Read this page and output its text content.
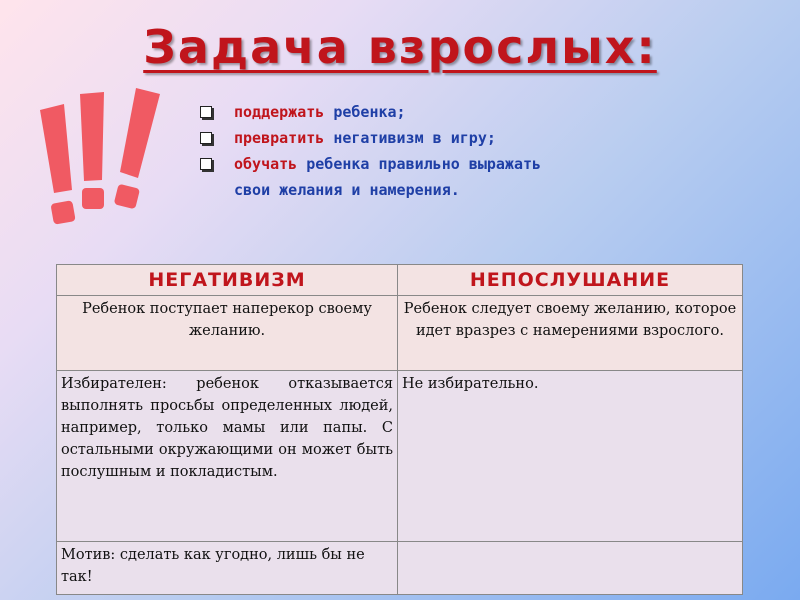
Задача взрослых:
поддержать ребенка;
превратить негативизм в игру;
обучать ребенка правильно выражать
свои желания и намерения.
НЕГАТИВИЗМ	НЕПОСЛУШАНИЕ
Ребенок поступает наперекор своему желанию.	Ребенок следует своему желанию, которое идет вразрез с намерениями взрослого.
Избирателен: ребенок отказывается выполнять просьбы определенных людей, например, только мамы или папы. С остальными окружающими он может быть послушным и покладистым.	Не избирательно.
Мотив: сделать как угодно, лишь бы не так!	
